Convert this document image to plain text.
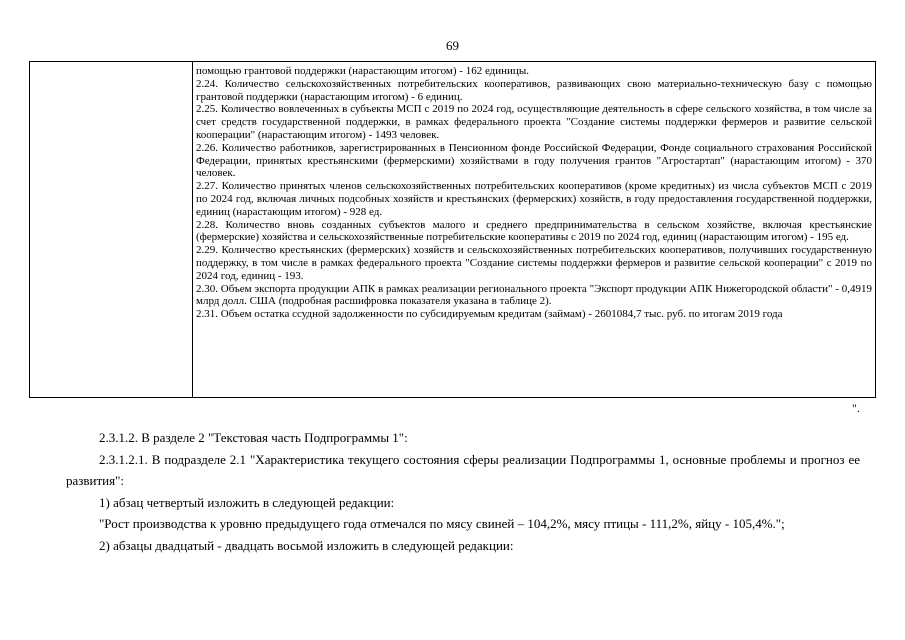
69

помощью грантовой поддержки (нарастающим итогом) - 162 единицы.

2.24. Количество сельскохозяйственных потребительских кооперативов, развивающих свою материально-техническую базу с помощью грантовой поддержки (нарастающим итогом) - 6 единиц.

2.25. Количество вовлеченных в субъекты МСП с 2019 по 2024 год, осуществляющие деятельность в сфере сельского хозяйства, в том числе за счет средств государственной поддержки, в рамках федерального проекта "Создание системы поддержки фермеров и развитие сельской кооперации" (нарастающим итогом) - 1493 человек.

2.26. Количество работников, зарегистрированных в Пенсионном фонде Российской Федерации, Фонде социального страхования Российской Федерации, принятых крестьянскими (фермерскими) хозяйствами в году получения грантов "Агростартап" (нарастающим итогом) - 370 человек.

2.27. Количество принятых членов сельскохозяйственных потребительских кооперативов (кроме кредитных) из числа субъектов МСП с 2019 по 2024 год, включая личных подсобных хозяйств и крестьянских (фермерских) хозяйств, в году предоставления государственной поддержки, единиц (нарастающим итогом) - 928 ед.

2.28. Количество вновь созданных субъектов малого и среднего предпринимательства в сельском хозяйстве, включая крестьянские (фермерские) хозяйства и сельскохозяйственные потребительские кооперативы с 2019 по 2024 год, единиц (нарастающим итогом) - 195 ед.

2.29. Количество крестьянских (фермерских) хозяйств и сельскохозяйственных потребительских кооперативов, получивших государственную поддержку, в том числе в рамках федерального проекта "Создание системы поддержки фермеров и развитие сельской кооперации" с 2019 по 2024 год, единиц - 193.

2.30. Объем экспорта продукции АПК в рамках реализации регионального проекта "Экспорт продукции АПК Нижегородской области" - 0,4919 млрд долл. США (подробная расшифровка показателя указана в таблице 2).

2.31. Объем остатка ссудной задолженности по субсидируемым кредитам (займам) - 2601084,7 тыс. руб. по итогам 2019 года

".

2.3.1.2. В разделе 2 "Текстовая часть Подпрограммы 1":

2.3.1.2.1. В подразделе 2.1 "Характеристика текущего состояния сферы реализации Подпрограммы 1, основные проблемы и прогноз ее развития":

1) абзац четвертый изложить в следующей редакции:

"Рост производства к уровню предыдущего года отмечался по мясу свиней – 104,2%, мясу птицы - 111,2%, яйцу - 105,4%.";

2) абзацы двадцатый - двадцать восьмой изложить в следующей редакции:
